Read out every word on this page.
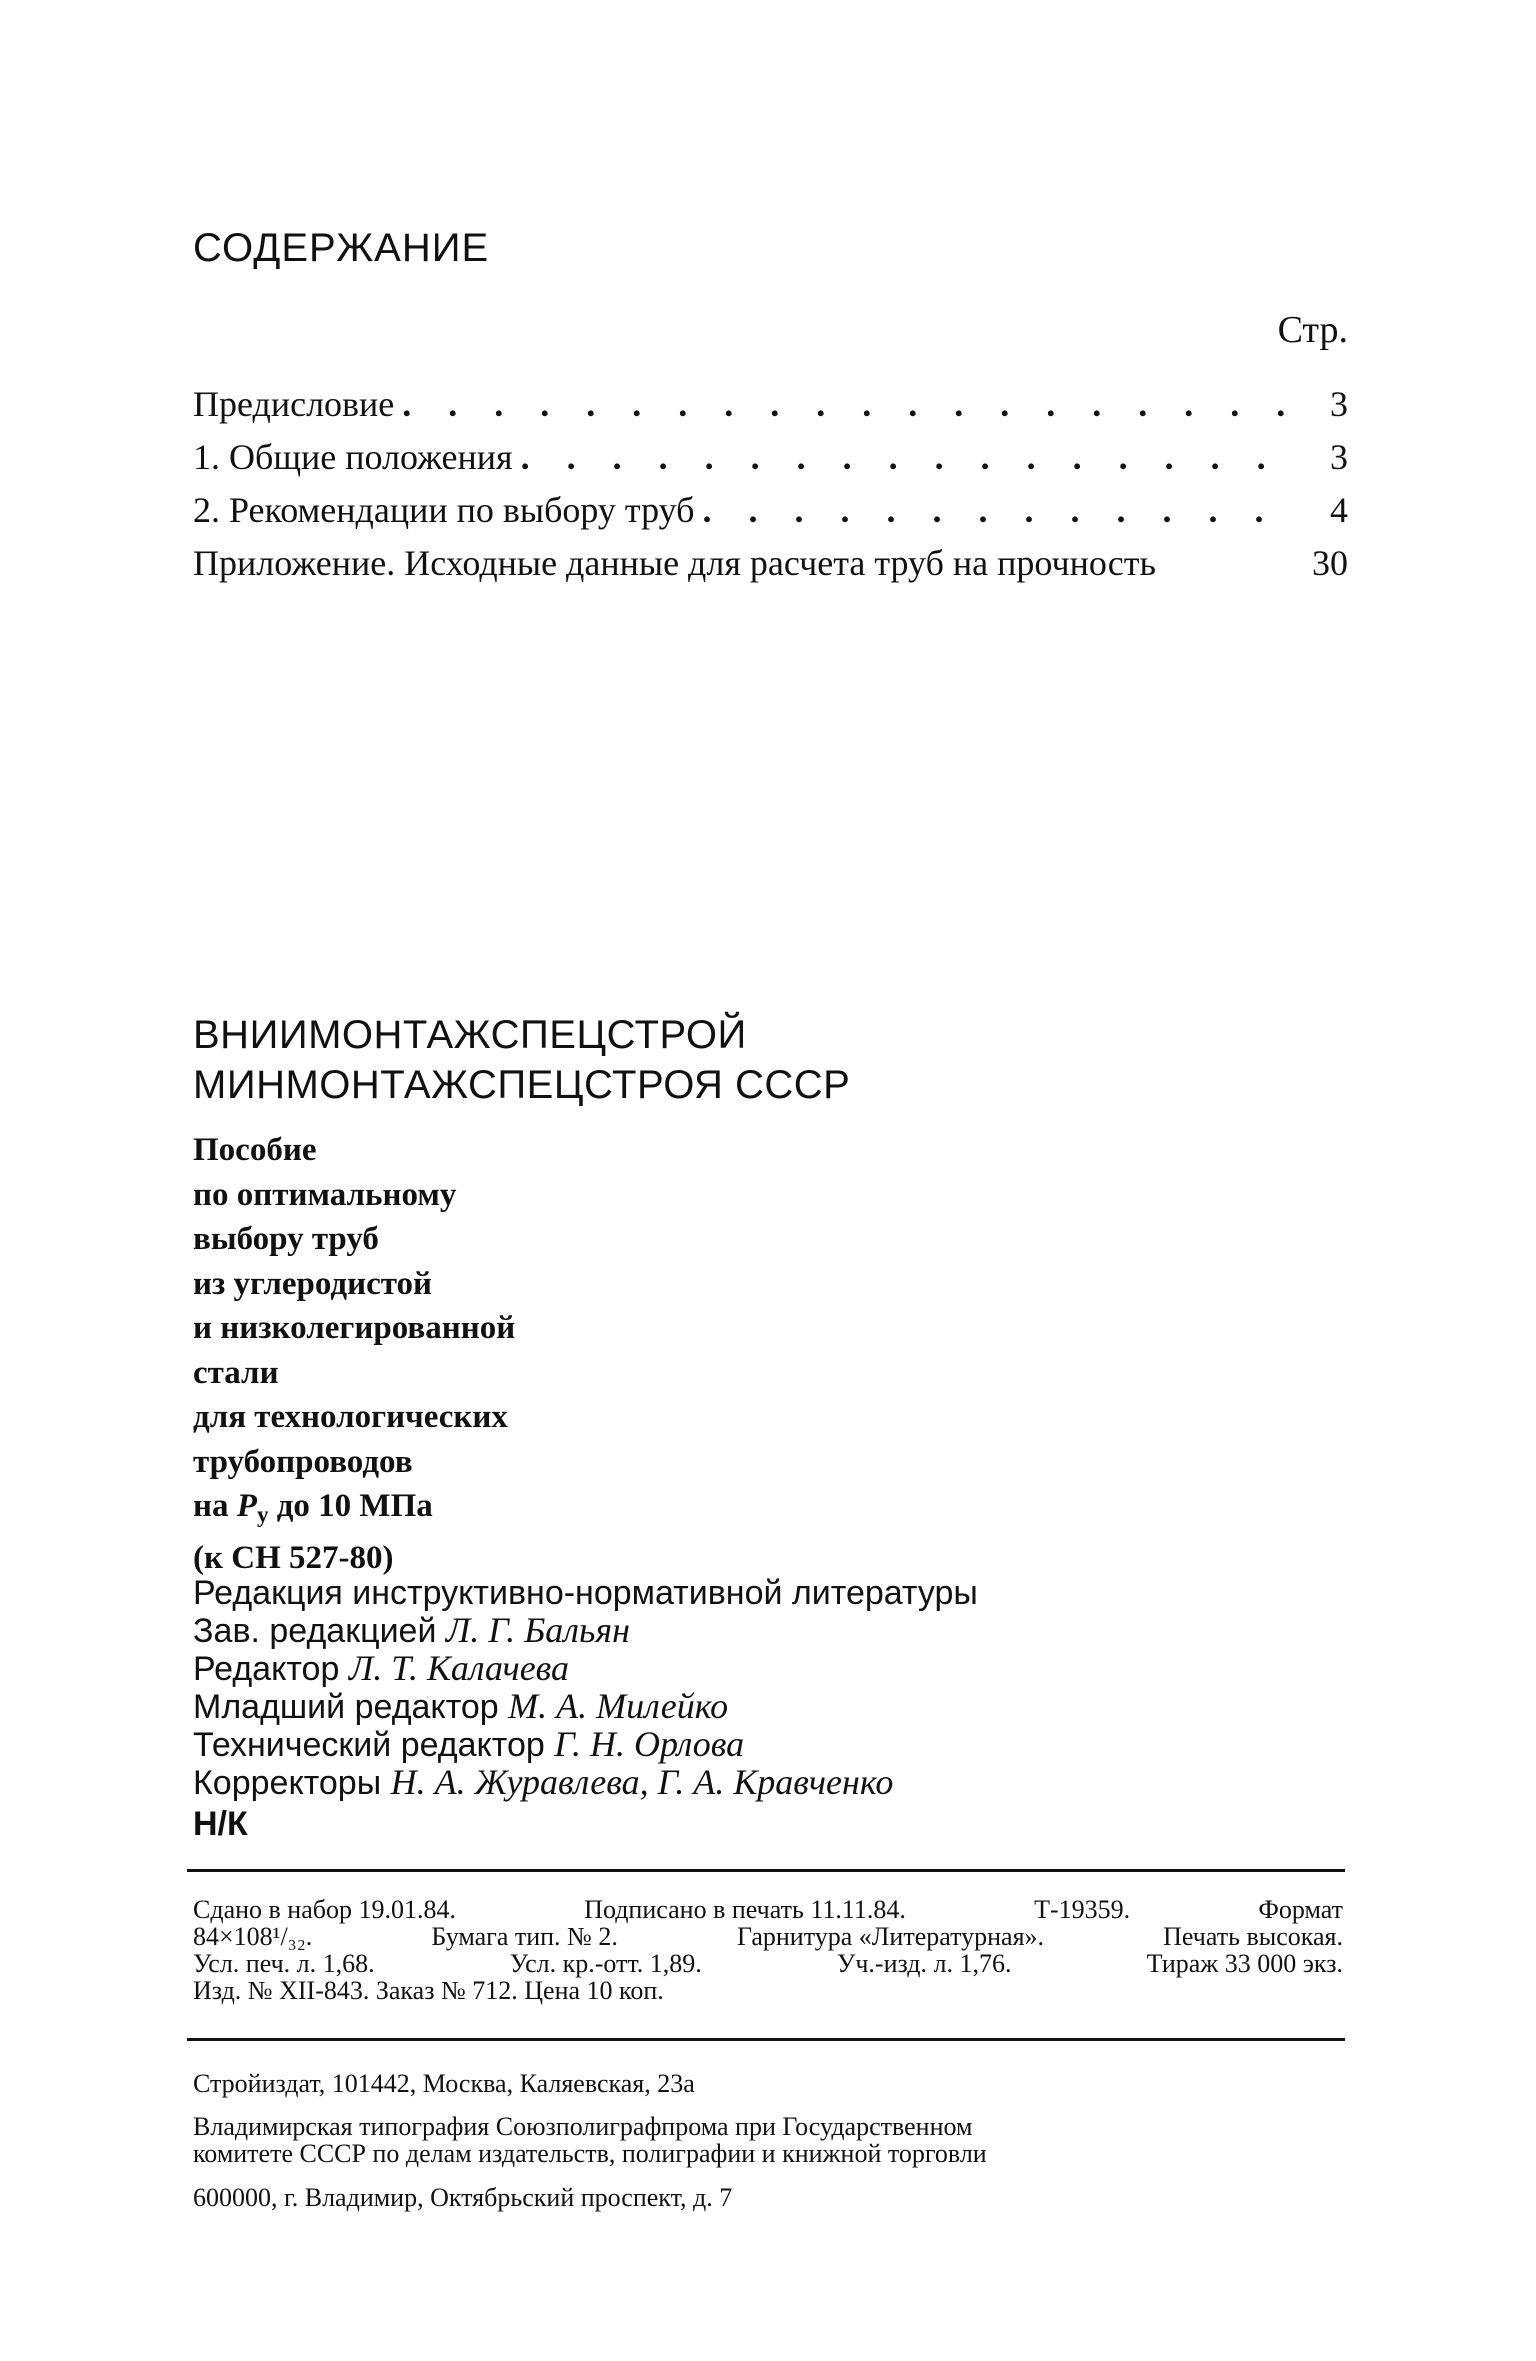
СОДЕРЖАНИЕ
Стр.
Предисловие . . .	3
1. Общие положения . . .	3
2. Рекомендации по выбору труб . . .	4
Приложение. Исходные данные для расчета труб на прочность	30
ВНИИМОНТАЖСПЕЦСТРОЙ
МИНМОНТАЖСПЕЦСТРОЯ СССР
Пособие
по оптимальному
выбору труб
из углеродистой
и низколегированной
стали
для технологических
трубопроводов
на $P_у$ до 10 МПа
(к СН 527-80)
Редакция инструктивно-нормативной литературы
Зав. редакцией Л. Г. Бальян
Редактор Л. Т. Калачева
Младший редактор М. А. Милейко
Технический редактор Г. Н. Орлова
Корректоры Н. А. Журавлева, Г. А. Кравченко
Н/К
Сдано в набор 19.01.84.	Подписано в печать 11.11.84.	Т-19359.	Формат
84×108¹/₃₂.	Бумага тип. № 2.	Гарнитура «Литературная».	Печать высокая.
Усл. печ. л. 1,68.	Усл. кр.-отт. 1,89.	Уч.-изд. л. 1,76.	Тираж 33 000 экз.
Изд. № XII-843. Заказ № 712. Цена 10 коп.
Стройиздат, 101442, Москва, Каляевская, 23а
Владимирская типография Союзполиграфпрома при Государственном
комитете СССР по делам издательств, полиграфии и книжной торговли
600000, г. Владимир, Октябрьский проспект, д. 7
